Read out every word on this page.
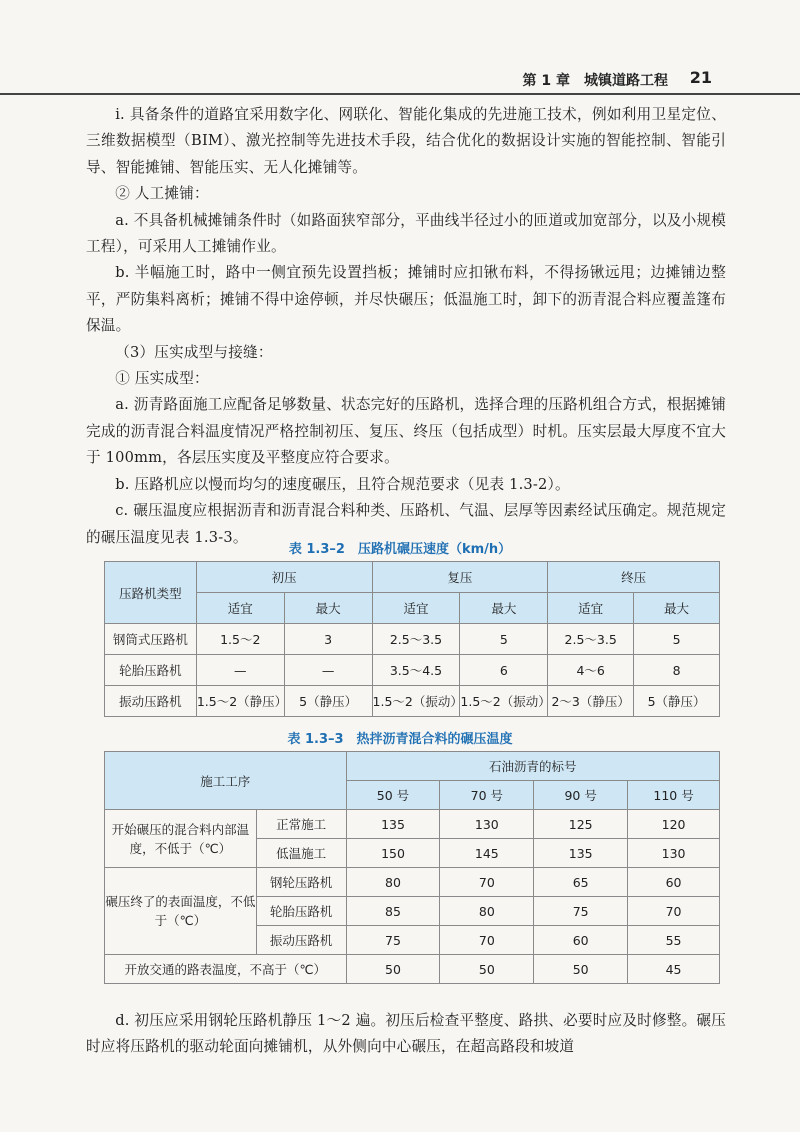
第 1 章　城镇道路工程 21

i. 具备条件的道路宜采用数字化、网联化、智能化集成的先进施工技术，例如利用卫星定位、三维数据模型（BIM）、激光控制等先进技术手段，结合优化的数据设计实施的智能控制、智能引导、智能摊铺、智能压实、无人化摊铺等。

② 人工摊铺：

a. 不具备机械摊铺条件时（如路面狭窄部分，平曲线半径过小的匝道或加宽部分，以及小规模工程），可采用人工摊铺作业。

b. 半幅施工时，路中一侧宜预先设置挡板；摊铺时应扣锹布料，不得扬锹远甩；边摊铺边整平，严防集料离析；摊铺不得中途停顿，并尽快碾压；低温施工时，卸下的沥青混合料应覆盖篷布保温。

（3）压实成型与接缝：

① 压实成型：

a. 沥青路面施工应配备足够数量、状态完好的压路机，选择合理的压路机组合方式，根据摊铺完成的沥青混合料温度情况严格控制初压、复压、终压（包括成型）时机。压实层最大厚度不宜大于 100mm，各层压实度及平整度应符合要求。

b. 压路机应以慢而均匀的速度碾压，且符合规范要求（见表 1.3-2）。

c. 碾压温度应根据沥青和沥青混合料种类、压路机、气温、层厚等因素经试压确定。规范规定的碾压温度见表 1.3-3。

表 1.3–2　压路机碾压速度（km/h）
压路机类型	初压		复压		终压	
	适宜	最大	适宜	最大	适宜	最大
钢筒式压路机	1.5～2	3	2.5～3.5	5	2.5～3.5	5
轮胎压路机	—	—	3.5～4.5	6	4～6	8
振动压路机	1.5～2（静压）	5（静压）	1.5～2（振动）	1.5～2（振动）	2～3（静压）	5（静压）
表 1.3–3　热拌沥青混合料的碾压温度
施工工序		石油沥青的标号			
		50 号	70 号	90 号	110 号
开始碾压的混合料内部温度，不低于（℃）	正常施工	135	130	125	120
	低温施工	150	145	135	130
碾压终了的表面温度，不低于（℃）	钢轮压路机	80	70	65	60
	轮胎压路机	85	80	75	70
	振动压路机	75	70	60	55
开放交通的路表温度，不高于（℃）		50	50	50	45

d. 初压应采用钢轮压路机静压 1～2 遍。初压后检查平整度、路拱、必要时应及时修整。碾压时应将压路机的驱动轮面向摊铺机，从外侧向中心碾压，在超高路段和坡道
